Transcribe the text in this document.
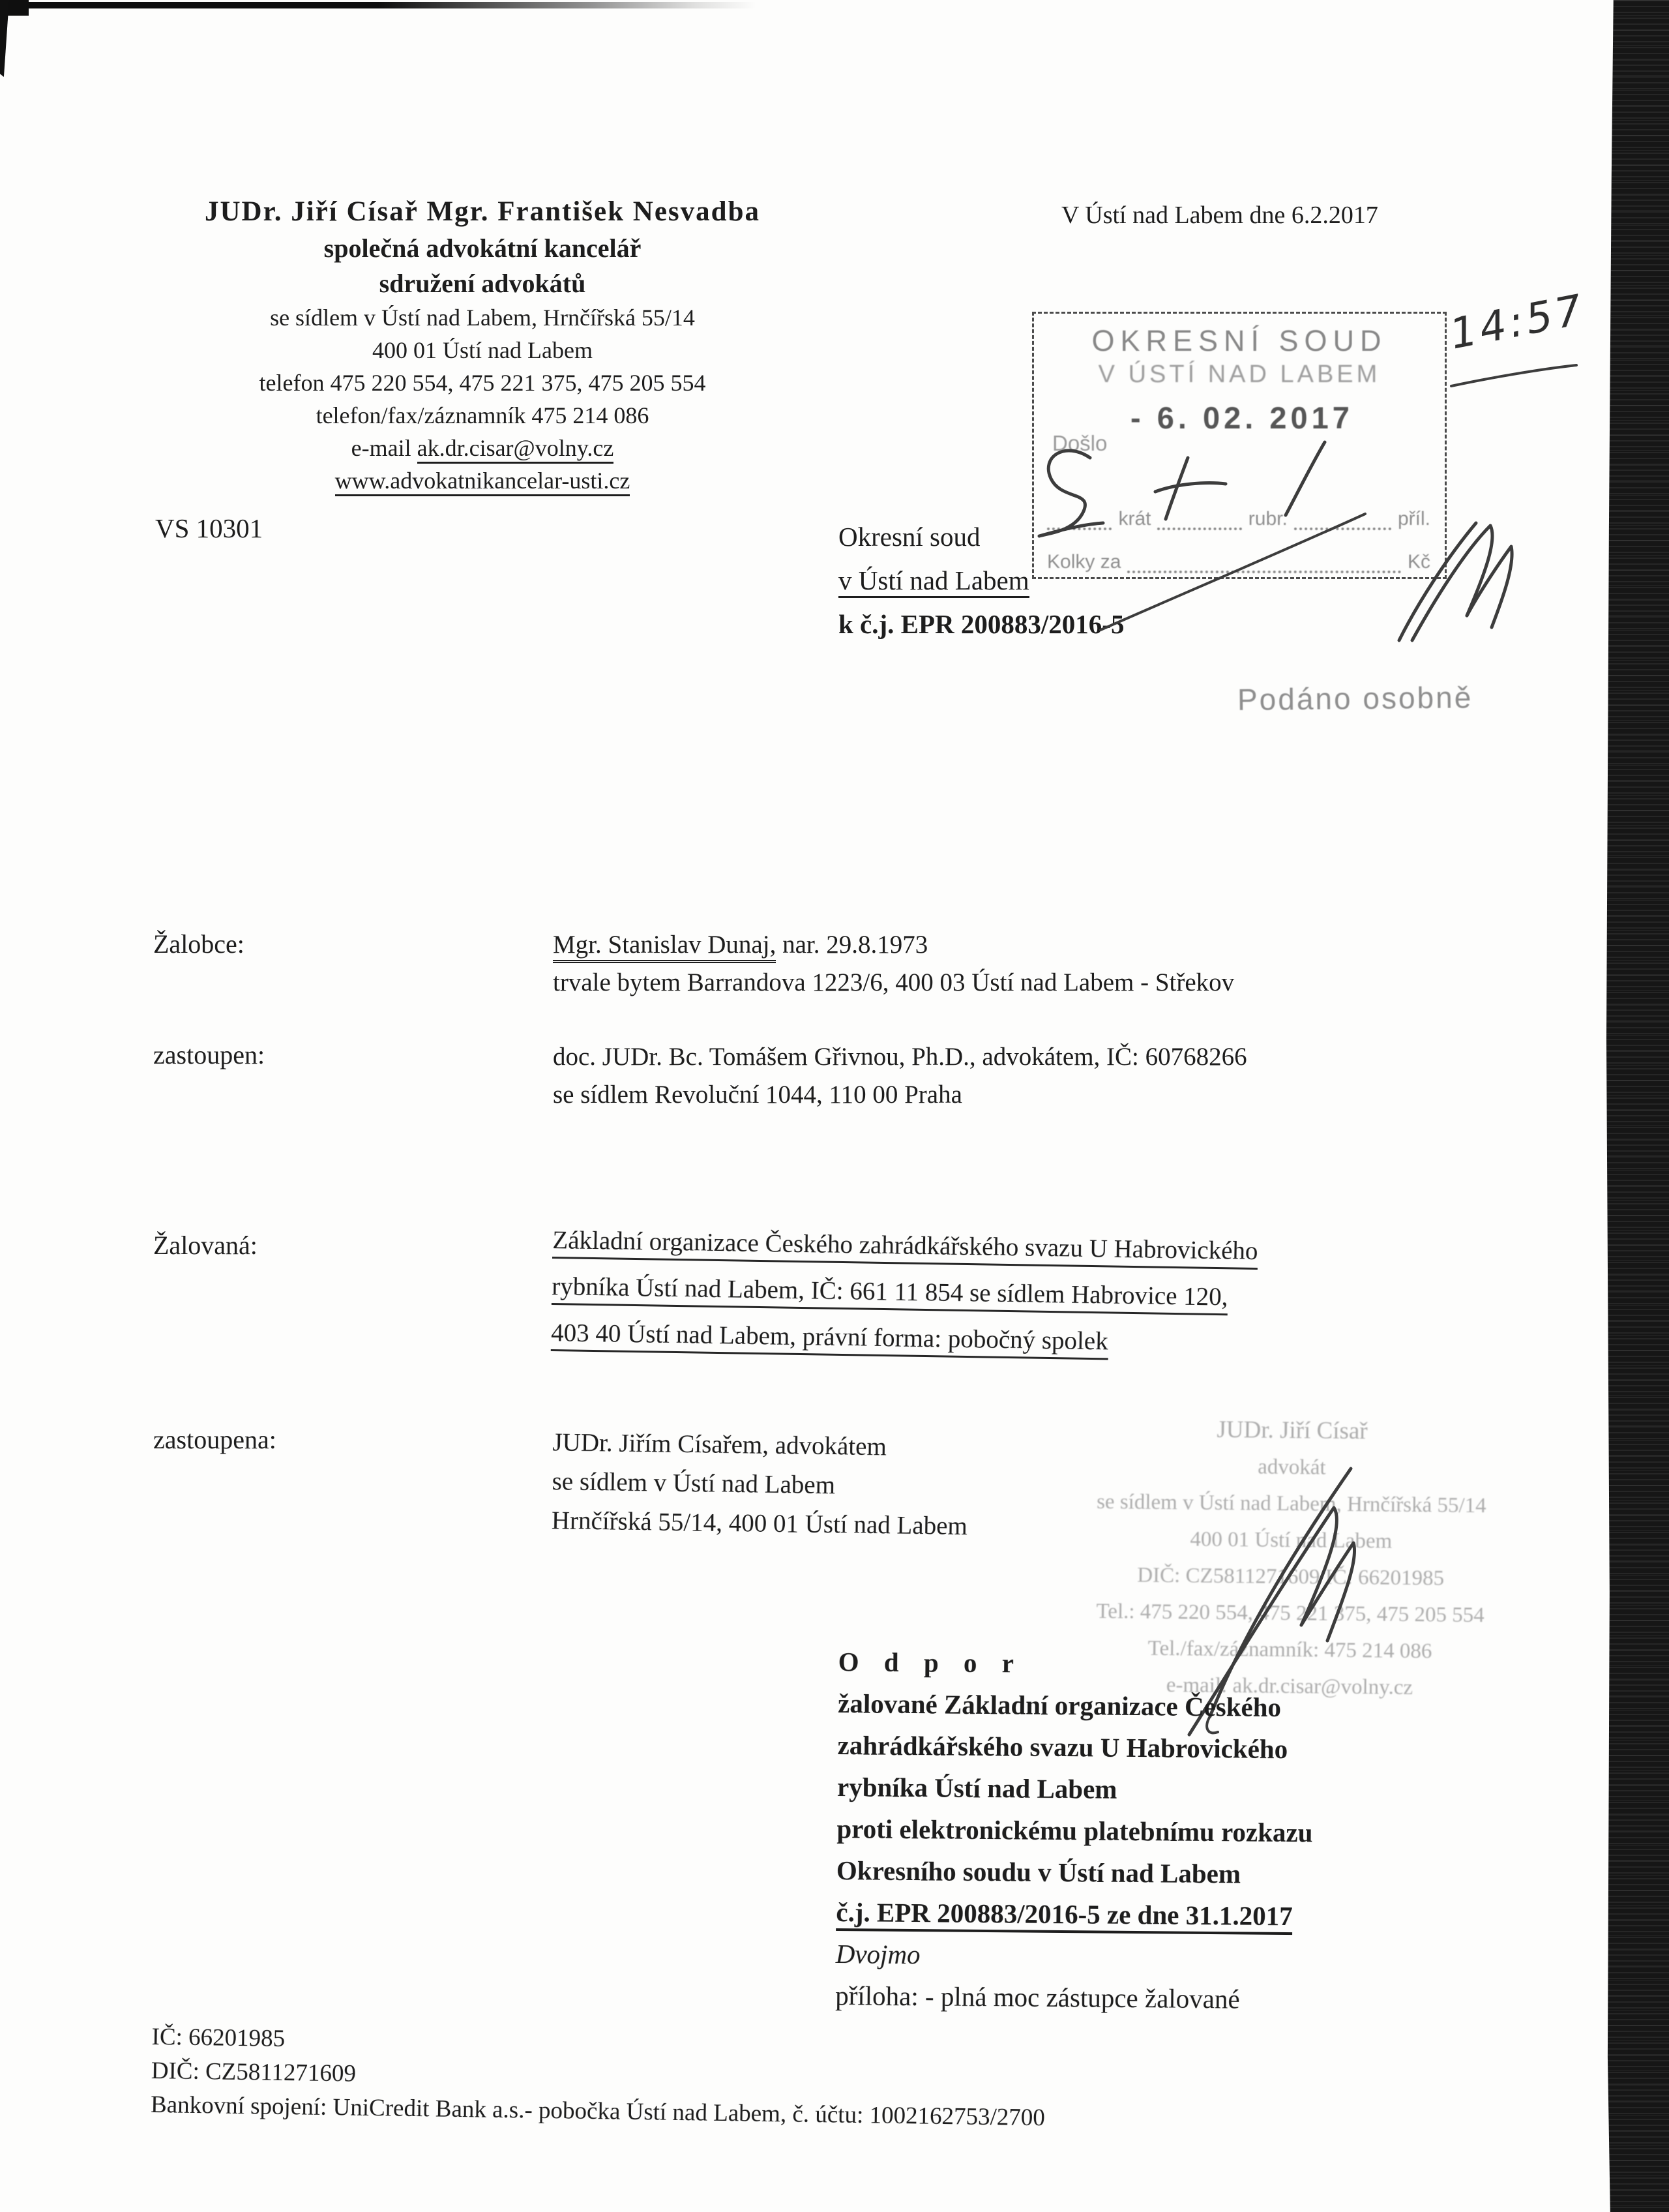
JUDr. Jiří Císař Mgr. František Nesvadba
společná advokátní kancelář
sdružení advokátů
se sídlem v Ústí nad Labem, Hrnčířská 55/14
400 01 Ústí nad Labem
telefon 475 220 554, 475 221 375, 475 205 554
telefon/fax/záznamník 475 214 086
e-mail ak.dr.cisar@volny.cz
www.advokatnikancelar-usti.cz
V Ústí nad Labem dne 6.2.2017
VS 10301	Okresní soud
v Ústí nad Labem
k č.j. EPR 200883/2016-5
OKRESNÍ SOUD
V ÚSTÍ NAD LABEM
Došlo
- 6. 02. 2017
krát	rubr.	příl.
Kolky za	Kč
14:57
Podáno osobně
Žalobce:	Mgr. Stanislav Dunaj, nar. 29.8.1973
trvale bytem Barrandova 1223/6, 400 03 Ústí nad Labem - Střekov
zastoupen:	doc. JUDr. Bc. Tomášem Gřivnou, Ph.D., advokátem, IČ: 60768266
se sídlem Revoluční 1044, 110 00 Praha
Žalovaná:	Základní organizace Českého zahrádkářského svazu U Habrovického
rybníka Ústí nad Labem, IČ: 661 11 854 se sídlem Habrovice 120,
403 40 Ústí nad Labem, právní forma: pobočný spolek
zastoupena:	JUDr. Jiřím Císařem, advokátem
se sídlem v Ústí nad Labem
Hrnčířská 55/14, 400 01 Ústí nad Labem
JUDr. Jiří Císař
advokát
se sídlem v Ústí nad Labem, Hrnčířská 55/14
400 01 Ústí nad Labem
DIČ: CZ5811271609 IČ: 66201985
Tel.: 475 220 554, 475 221 375, 475 205 554
Tel./fax/záznamník: 475 214 086
e-mail: ak.dr.cisar@volny.cz
O d p o r
žalované Základní organizace Českého
zahrádkářského svazu U Habrovického
rybníka Ústí nad Labem
proti elektronickému platebnímu rozkazu
Okresního soudu v Ústí nad Labem
č.j. EPR 200883/2016-5 ze dne 31.1.2017
Dvojmo
příloha: - plná moc zástupce žalované
IČ: 66201985
DIČ: CZ5811271609
Bankovní spojení: UniCredit Bank a.s.- pobočka Ústí nad Labem, č. účtu: 1002162753/2700
